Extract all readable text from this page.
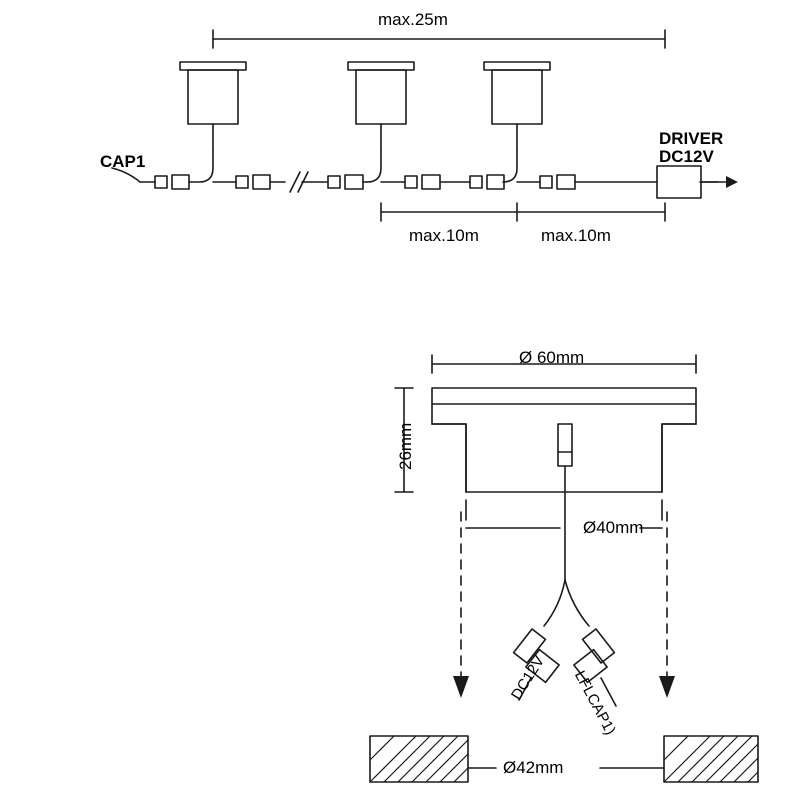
max.25m
CAP1
DRIVER
DC12V
max.10m	max.10m
Ø 60mm
26mm
Ø40mm
DC12V LFLCAP1)
Ø42mm
